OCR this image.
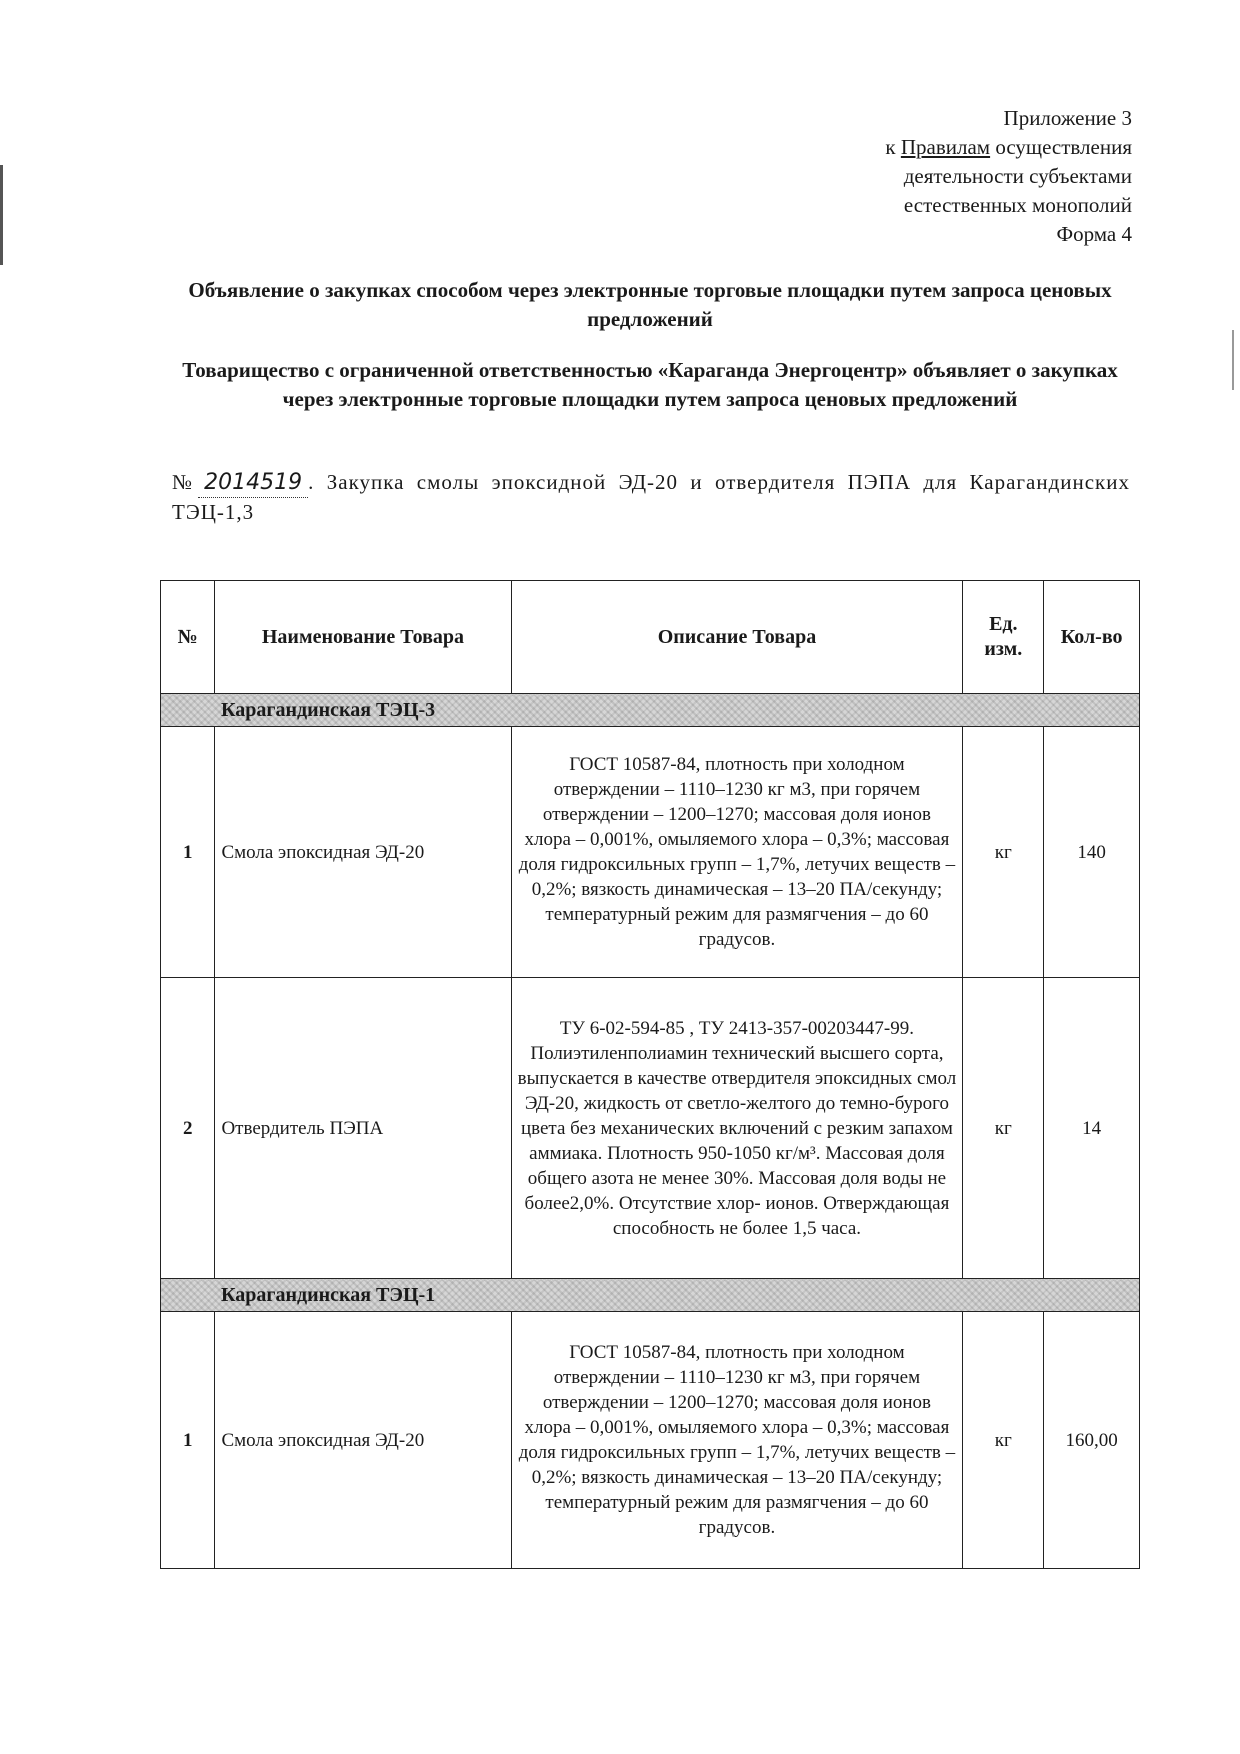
Приложение 3
к Правилам осуществления
деятельности субъектами
естественных монополий
Форма 4
Объявление о закупках способом через электронные торговые площадки путем запроса ценовых предложений
Товарищество с ограниченной ответственностью «Караганда Энергоцентр» объявляет о закупках через электронные торговые площадки путем запроса ценовых предложений
№ 2014519 . Закупка смолы эпоксидной ЭД-20 и отвердителя ПЭПА для Карагандинских ТЭЦ-1,3
№	Наименование Товара	Описание Товара	Ед. изм.	Кол-во
Карагандинская ТЭЦ-3				
1	Смола эпоксидная ЭД-20	ГОСТ 10587-84, плотность при холодном отверждении – 1110–1230 кг м3, при горячем отверждении – 1200–1270; массовая доля ионов хлора – 0,001%, омыляемого хлора – 0,3%; массовая доля гидроксильных групп – 1,7%, летучих веществ – 0,2%; вязкость динамическая – 13–20 ПА/секунду; температурный режим для размягчения – до 60 градусов.	кг	140
2	Отвердитель ПЭПА	ТУ 6-02-594-85 , ТУ 2413-357-00203447-99. Полиэтиленполиамин технический высшего сорта, выпускается в качестве отвердителя эпоксидных смол ЭД-20, жидкость от светло-желтого до темно-бурого цвета без механических включений с резким запахом аммиака. Плотность 950-1050 кг/м³. Массовая доля общего азота не менее 30%. Массовая доля воды не более2,0%. Отсутствие хлор- ионов. Отверждающая способность не более 1,5 часа.	кг	14
Карагандинская ТЭЦ-1				
1	Смола эпоксидная ЭД-20	ГОСТ 10587-84, плотность при холодном отверждении – 1110–1230 кг м3, при горячем отверждении – 1200–1270; массовая доля ионов хлора – 0,001%, омыляемого хлора – 0,3%; массовая доля гидроксильных групп – 1,7%, летучих веществ – 0,2%; вязкость динамическая – 13–20 ПА/секунду; температурный режим для размягчения – до 60 градусов.	кг	160,00
